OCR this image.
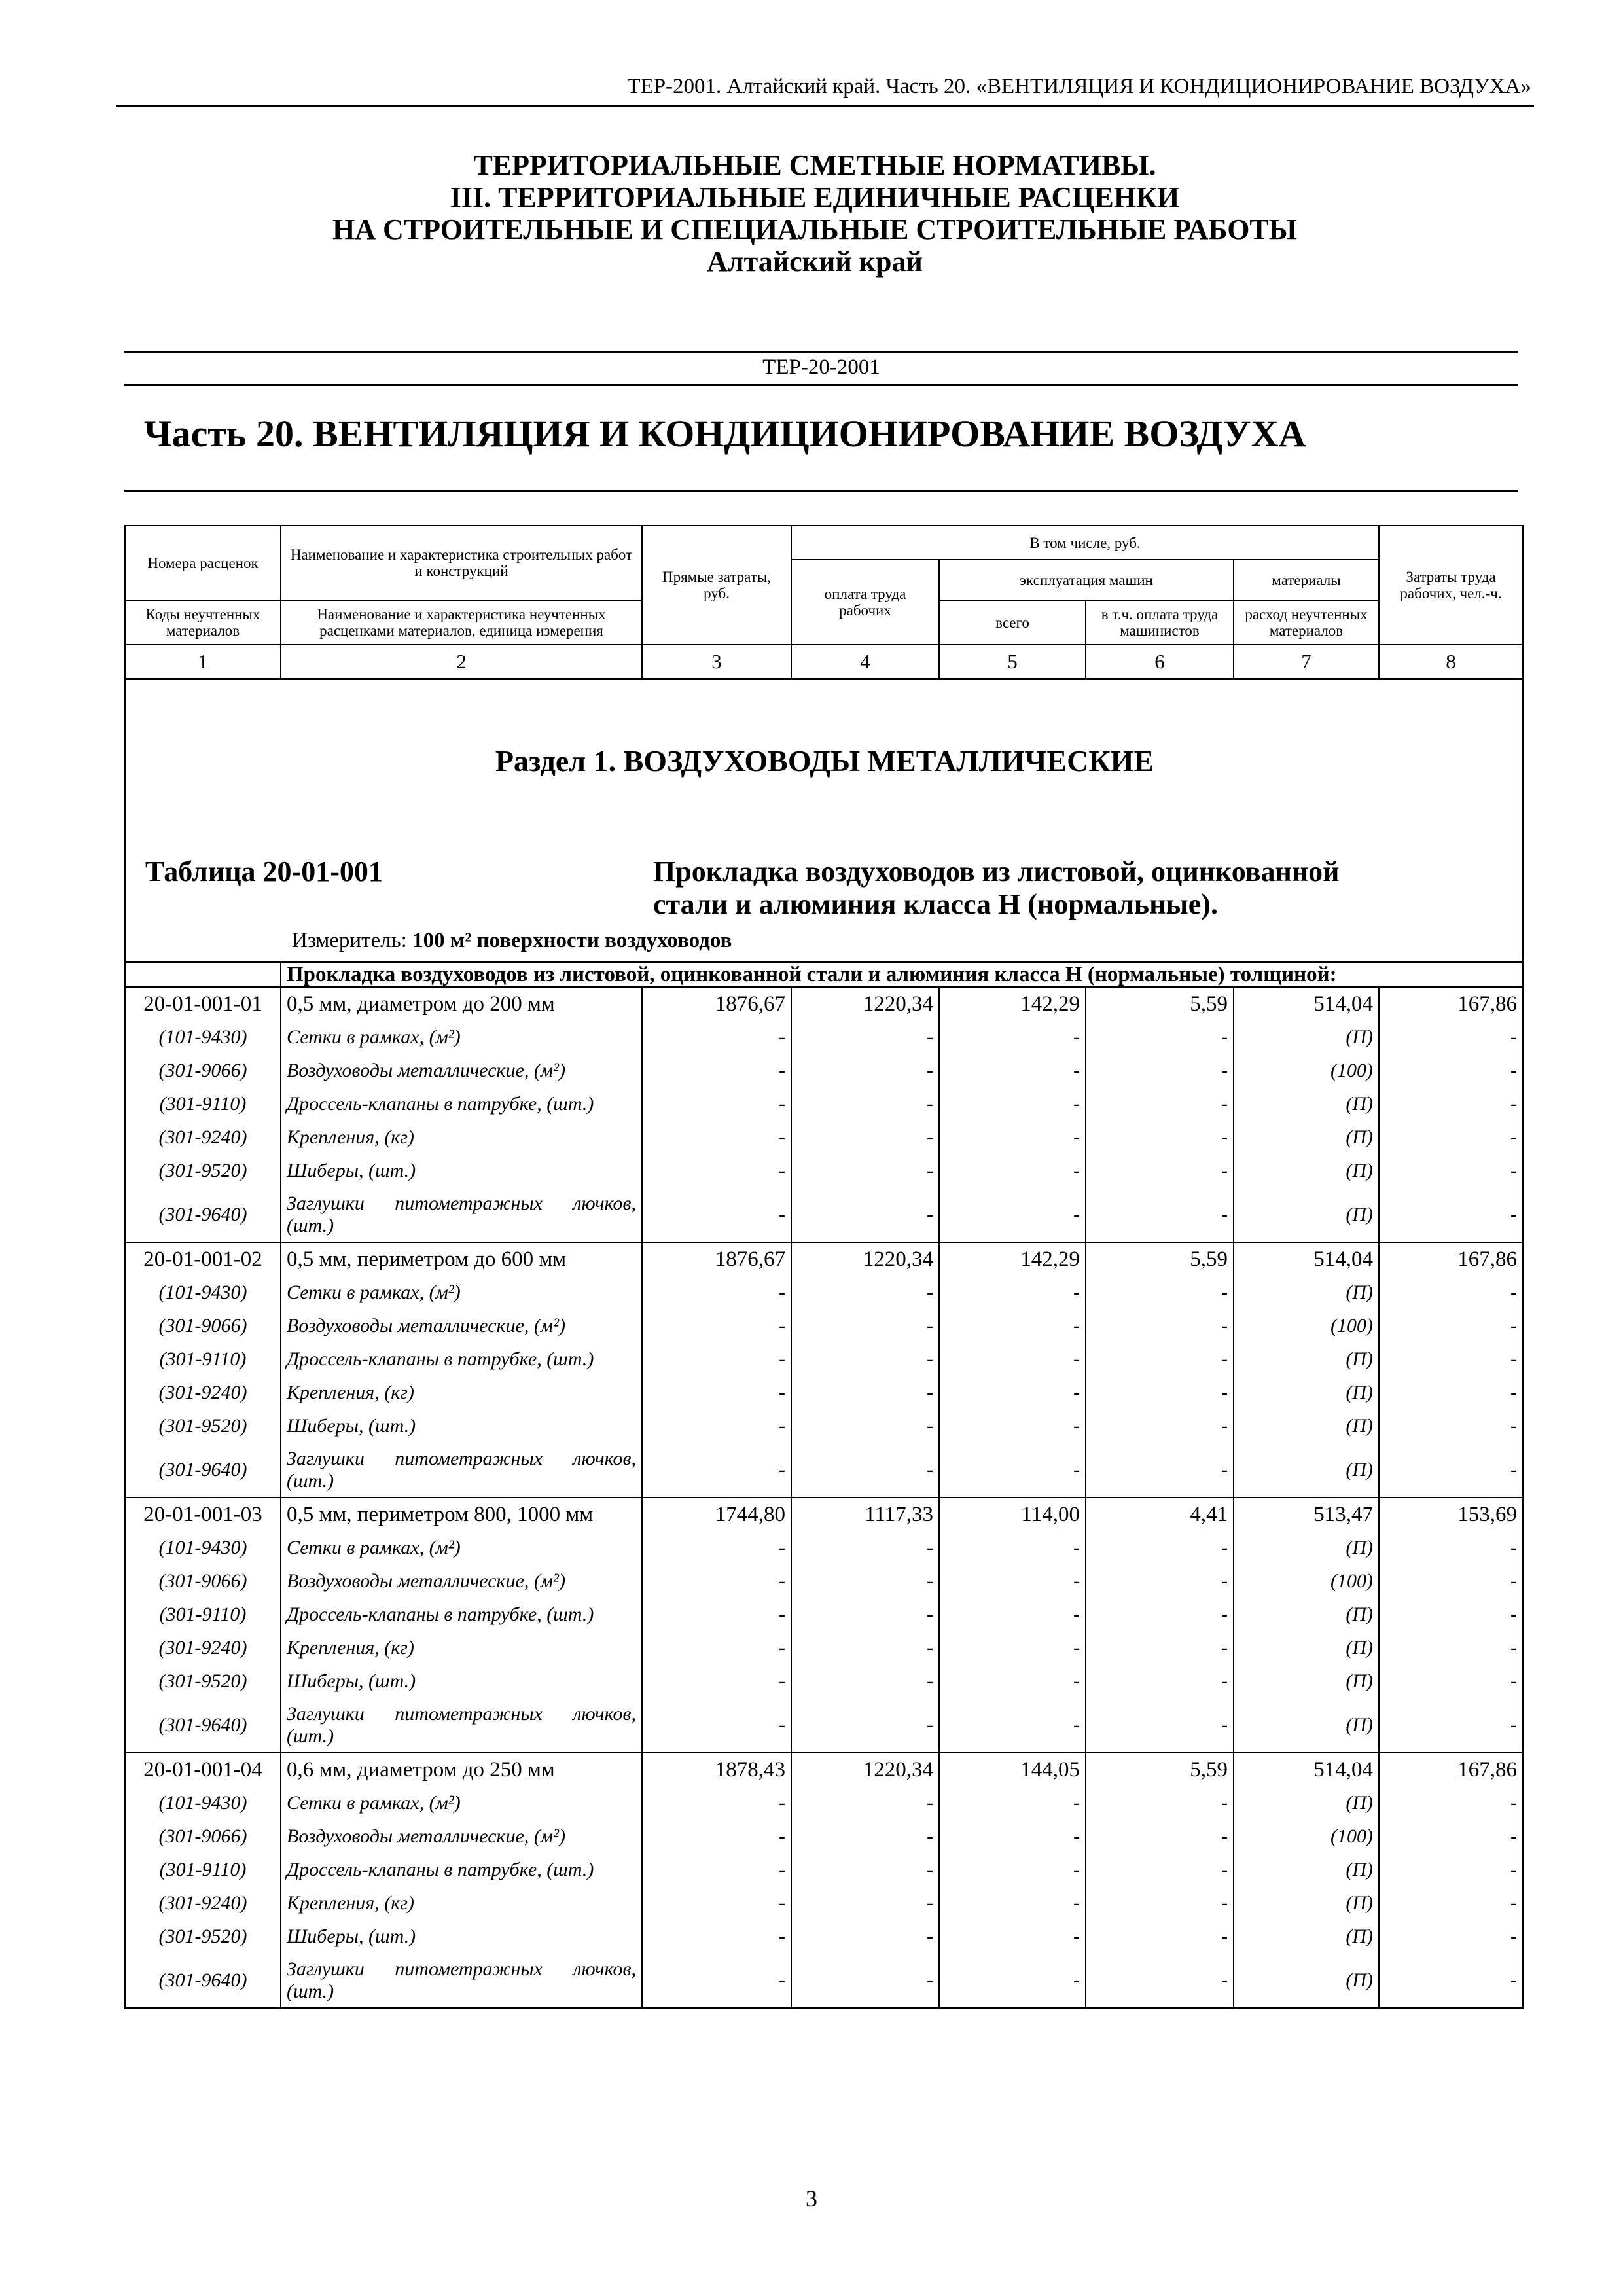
ТЕР-2001. Алтайский край. Часть 20. «ВЕНТИЛЯЦИЯ И КОНДИЦИОНИРОВАНИЕ ВОЗДУХА»
ТЕРРИТОРИАЛЬНЫЕ СМЕТНЫЕ НОРМАТИВЫ.
III. ТЕРРИТОРИАЛЬНЫЕ ЕДИНИЧНЫЕ РАСЦЕНКИ
НА СТРОИТЕЛЬНЫЕ И СПЕЦИАЛЬНЫЕ СТРОИТЕЛЬНЫЕ РАБОТЫ
Алтайский край
ТЕР-20-2001
Часть 20. ВЕНТИЛЯЦИЯ И КОНДИЦИОНИРОВАНИЕ ВОЗДУХА
Номера расценок	Наименование и характеристика строительных работ и конструкций	Прямые затраты, руб.	В том числе, руб.				Затраты труда рабочих, чел.-ч.
			оплата труда рабочих	эксплуатация машин		материалы	
Коды неучтенных материалов	Наименование и характеристика неучтенных расценками материалов, единица измерения			всего	в т.ч. оплата труда машинистов	расход неучтенных материалов	
1	2	3	4	5	6	7	8

Раздел 1. ВОЗДУХОВОДЫ МЕТАЛЛИЧЕСКИЕ
Таблица 20-01-001 Прокладка воздуховодов из листовой, оцинкованной
стали и алюминия класса Н (нормальные).
Измеритель: 100 м² поверхности воздуховодов							

	Прокладка воздуховодов из листовой, оцинкованной стали и алюминия класса Н (нормальные) толщиной:						
20-01-001-01	0,5 мм, диаметром до 200 мм	1876,67	1220,34	142,29	5,59	514,04	167,86
(101-9430)	Сетки в рамках, (м²)	-	-	-	-	(П)	-
(301-9066)	Воздуховоды металлические, (м²)	-	-	-	-	(100)	-
(301-9110)	Дроссель-клапаны в патрубке, (шт.)	-	-	-	-	(П)	-
(301-9240)	Крепления, (кг)	-	-	-	-	(П)	-
(301-9520)	Шиберы, (шт.)	-	-	-	-	(П)	-
(301-9640)	Заглушки питометражных лючков, (шт.)	-	-	-	-	(П)	-
20-01-001-02	0,5 мм, периметром до 600 мм	1876,67	1220,34	142,29	5,59	514,04	167,86
(101-9430)	Сетки в рамках, (м²)	-	-	-	-	(П)	-
(301-9066)	Воздуховоды металлические, (м²)	-	-	-	-	(100)	-
(301-9110)	Дроссель-клапаны в патрубке, (шт.)	-	-	-	-	(П)	-
(301-9240)	Крепления, (кг)	-	-	-	-	(П)	-
(301-9520)	Шиберы, (шт.)	-	-	-	-	(П)	-
(301-9640)	Заглушки питометражных лючков, (шт.)	-	-	-	-	(П)	-
20-01-001-03	0,5 мм, периметром 800, 1000 мм	1744,80	1117,33	114,00	4,41	513,47	153,69
(101-9430)	Сетки в рамках, (м²)	-	-	-	-	(П)	-
(301-9066)	Воздуховоды металлические, (м²)	-	-	-	-	(100)	-
(301-9110)	Дроссель-клапаны в патрубке, (шт.)	-	-	-	-	(П)	-
(301-9240)	Крепления, (кг)	-	-	-	-	(П)	-
(301-9520)	Шиберы, (шт.)	-	-	-	-	(П)	-
(301-9640)	Заглушки питометражных лючков, (шт.)	-	-	-	-	(П)	-
20-01-001-04	0,6 мм, диаметром до 250 мм	1878,43	1220,34	144,05	5,59	514,04	167,86
(101-9430)	Сетки в рамках, (м²)	-	-	-	-	(П)	-
(301-9066)	Воздуховоды металлические, (м²)	-	-	-	-	(100)	-
(301-9110)	Дроссель-клапаны в патрубке, (шт.)	-	-	-	-	(П)	-
(301-9240)	Крепления, (кг)	-	-	-	-	(П)	-
(301-9520)	Шиберы, (шт.)	-	-	-	-	(П)	-
(301-9640)	Заглушки питометражных лючков, (шт.)	-	-	-	-	(П)	-
3
